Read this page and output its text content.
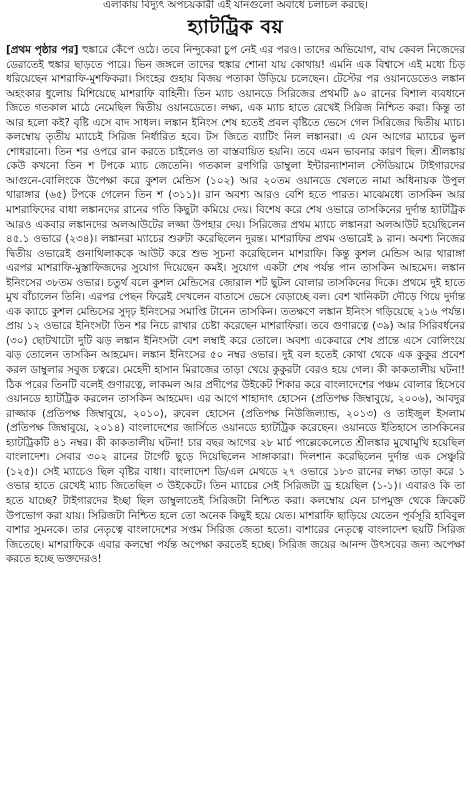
এলাকায় বিদ্যুৎ অপচয়কারী এই যানগুলো অবাধে চলাচল করছে।
হ্যাটট্রিক বয়
[প্রথম পৃষ্ঠার পর] হুঙ্কারে কেঁপে ওঠে। তবে নিন্দুকেরা চুপ নেই এর পরও। তাদের অভিযোগ, বাঘ কেবল নিজেদের ডেরাতেই হুঙ্কার ছাড়তে পারে। ভিন জঙ্গলে তাদের হুঙ্কার শোনা যায় কোথায়! এমনি এক বিশ্বাসে এই মধ্যে চিড় ধরিয়েছেন মাশরাফি-মুশফিকরা। সিংহের গুহায় বিজয় পতাকা উড়িয়ে চলেছেন। টেস্টের পর ওয়ানডেতেও লঙ্কান অহংকার ধুলোয় মিশিয়েছে মাশরাফি বাহিনী। তিন ম্যাচ ওয়ানডে সিরিজের প্রথমটি ৯০ রানের বিশাল ব্যবধানে জিতে গতকাল মাঠে নেমেছিল দ্বিতীয় ওয়ানডেতে। লক্ষ্য, এক ম্যাচ হাতে রেখেই সিরিজ নিশ্চিত করা। কিন্তু তা আর হলো কই? বৃষ্টি এসে বাদ সাধল। লঙ্কান ইনিংস শেষ হতেই প্রবল বৃষ্টিতে ভেসে গেল সিরিজের দ্বিতীয় ম্যাচ। কলম্বোয় তৃতীয় ম্যাচেই সিরিজ নির্ধারিত হবে। টস জিতে ব্যাটিং নিল লঙ্কানরা। এ যেন আগের ম্যাচের ভুল শোধরানো। তিন শর ওপরে রান করতে চাইলেও তা বাস্তবায়িত হয়নি। তবে এমন ভাবনার কারণ ছিল। শ্রীলঙ্কায় কেউ কখনো তিন শ টপকে ম্যাচ জেতেনি। গতকাল রণগিরি ডাম্বুলা ইন্টারন্যাশনাল স্টেডিয়ামে টাইগারদের আগুনে-বোলিংকে উপেক্ষা করে কুশল মেন্ডিস (১০২) আর ২০তম ওয়ানডে খেলতে নামা অধিনায়ক উপুল থারাঙ্গার (৬৫) টপকে গেলেন তিন শ (৩১১)। রান অবশ্য আরও বেশি হতে পারত। মাঝেমধ্যে তাসকিন আর মাশরাফিদের বাধা লঙ্কানদের রানের গতি কিছুটা কমিয়ে দেয়। বিশেষ করে শেষ ওভারে তাসকিনের দুর্দান্ত হ্যাটট্রিক আরও একবার লঙ্কানদের অলআউটের লজ্জা উপহার দেয়। সিরিজের প্রথম ম্যাচে লঙ্কানরা অলআউট হয়েছিলেন ৪৫.১ ওভারে (২৩৪)। লঙ্কানরা ম্যাচের শুরুটা করেছিলেন দুরন্ত। মাশরাফির প্রথম ওভারেই ৯ রান। অবশ্য নিজের দ্বিতীয় ওভারেই গুনাথিলাককে আউট করে শুভ সূচনা করেছিলেন মাশরাফি। কিন্তু কুশল মেন্ডিস আর থারাঙ্গা এরপর মাশরাফি-মুস্তাফিজদের সুযোগ দিয়েছেন কমই। সুযোগ একটা শেষ পর্যন্ত পান তাসকিন আহমেদ। লঙ্কান ইনিংসের ৩৮তম ওভার। চতুর্থ বলে কুশল মেন্ডিসের জোরাল শট ছুটল বোলার তাসকিনের দিকে। প্রথমে দুই হাতে মুখ বাঁচালেন তিনি। এরপর পেছন ফিরেই দেখলেন বাতাসে ভেসে বেড়াচ্ছে বল। বেশ খানিকটা দৌড়ে গিয়ে দুর্দান্ত এক ক্যাচে কুশল মেন্ডিসের সুদৃঢ় ইনিংসের সমাপ্তি টানেন তাসকিন। ততক্ষণে লঙ্কান ইনিংস গড়িয়েছে ২১৬ পর্যন্ত। প্রায় ১২ ওভারে ইনিংসটা তিন শর নিচে রাখার চেষ্টা করেছেন মাশরাফিরা। তবে গুণারত্নে (৩৯) আর সিরিবর্ধনের (৩০) ছোটখাটো দুটি ঝড় লঙ্কান ইনিংসটা বেশ লম্বাই করে তোলে। অবশ্য একেবারে শেষ প্রান্তে এসে বোলিংয়ে ঝড় তোলেন তাসকিন আহমেদ। লঙ্কান ইনিংসের ৫০ নম্বর ওভার। দুই বল হতেই কোথা থেকে এক কুকুর প্রবেশ করল ডাম্বুলার সবুজ চত্বরে। মেহেদী হাসান মিরাজের তাড়া খেয়ে কুকুরটা বেরও হয়ে গেল। কী কাকতালীয় ঘটনা! ঠিক পরের তিনটি বলেই গুণারত্নে, লাকমল আর প্রদীপের উইকেট শিকার করে বাংলাদেশের পঞ্চম বোলার হিসেবে ওয়ানডে হ্যাটট্রিক করলেন তাসকিন আহমেদ। এর আগে শাহাদাৎ হোসেন (প্রতিপক্ষ জিম্বাবুয়ে, ২০০৬), আবদুর রাজ্জাক (প্রতিপক্ষ জিম্বাবুয়ে, ২০১০), রুবেল হোসেন (প্রতিপক্ষ নিউজিল্যান্ড, ২০১৩) ও তাইজুল ইসলাম (প্রতিপক্ষ জিম্বাবুয়ে, ২০১৪) বাংলাদেশের জার্সিতে ওয়ানডে হ্যাটট্রিক করেছেন। ওয়ানডে ইতিহাসে তাসকিনের হ্যাটট্রিকটি ৪১ নম্বর। কী কাকতালীয় ঘটনা! চার বছর আগের ২৮ মার্চ পাল্লেকেলেতে শ্রীলঙ্কার মুখোমুখি হয়েছিল বাংলাদেশ। সেবার ৩০২ রানের টার্গেট ছুড়ে দিয়েছিলেন সাঙ্গাকারা। দিলশান করেছিলেন দুর্দান্ত এক সেঞ্চুরি (১২৫)। সেই ম্যাচেও ছিল বৃষ্টির বাধা। বাংলাদেশ ডি/এল মেথডে ২৭ ওভারে ১৮৩ রানের লক্ষ্য তাড়া করে ১ ওভার হাতে রেখেই ম্যাচ জিতেছিল ৩ উইকেটে। তিন ম্যাচের সেই সিরিজটা ড্র হয়েছিল (১-১)। এবারও কি তা হতে যাচ্ছে? টাইগারদের ইচ্ছা ছিল ডাম্বুলাতেই সিরিজটা নিশ্চিত করা। কলম্বোয় যেন চাপমুক্ত থেকে ক্রিকেট উপভোগ করা যায়। সিরিজটা নিশ্চিত হলে তো অনেক কিছুই হয়ে যেত। মাশরাফি ছাড়িয়ে যেতেন পূর্বসূরি হাবিবুল বাশার সুমনকে। তার নেতৃত্বে বাংলাদেশের সপ্তম সিরিজ জেতা হতো। বাশারের নেতৃত্বে বাংলাদেশ ছয়টি সিরিজ জিতেছে। মাশরাফিকে এবার কলম্বো পর্যন্ত অপেক্ষা করতেই হচ্ছে। সিরিজ জয়ের আনন্দ উৎসবের জন্য অপেক্ষা করতে হচ্ছে ভক্তদেরও!
